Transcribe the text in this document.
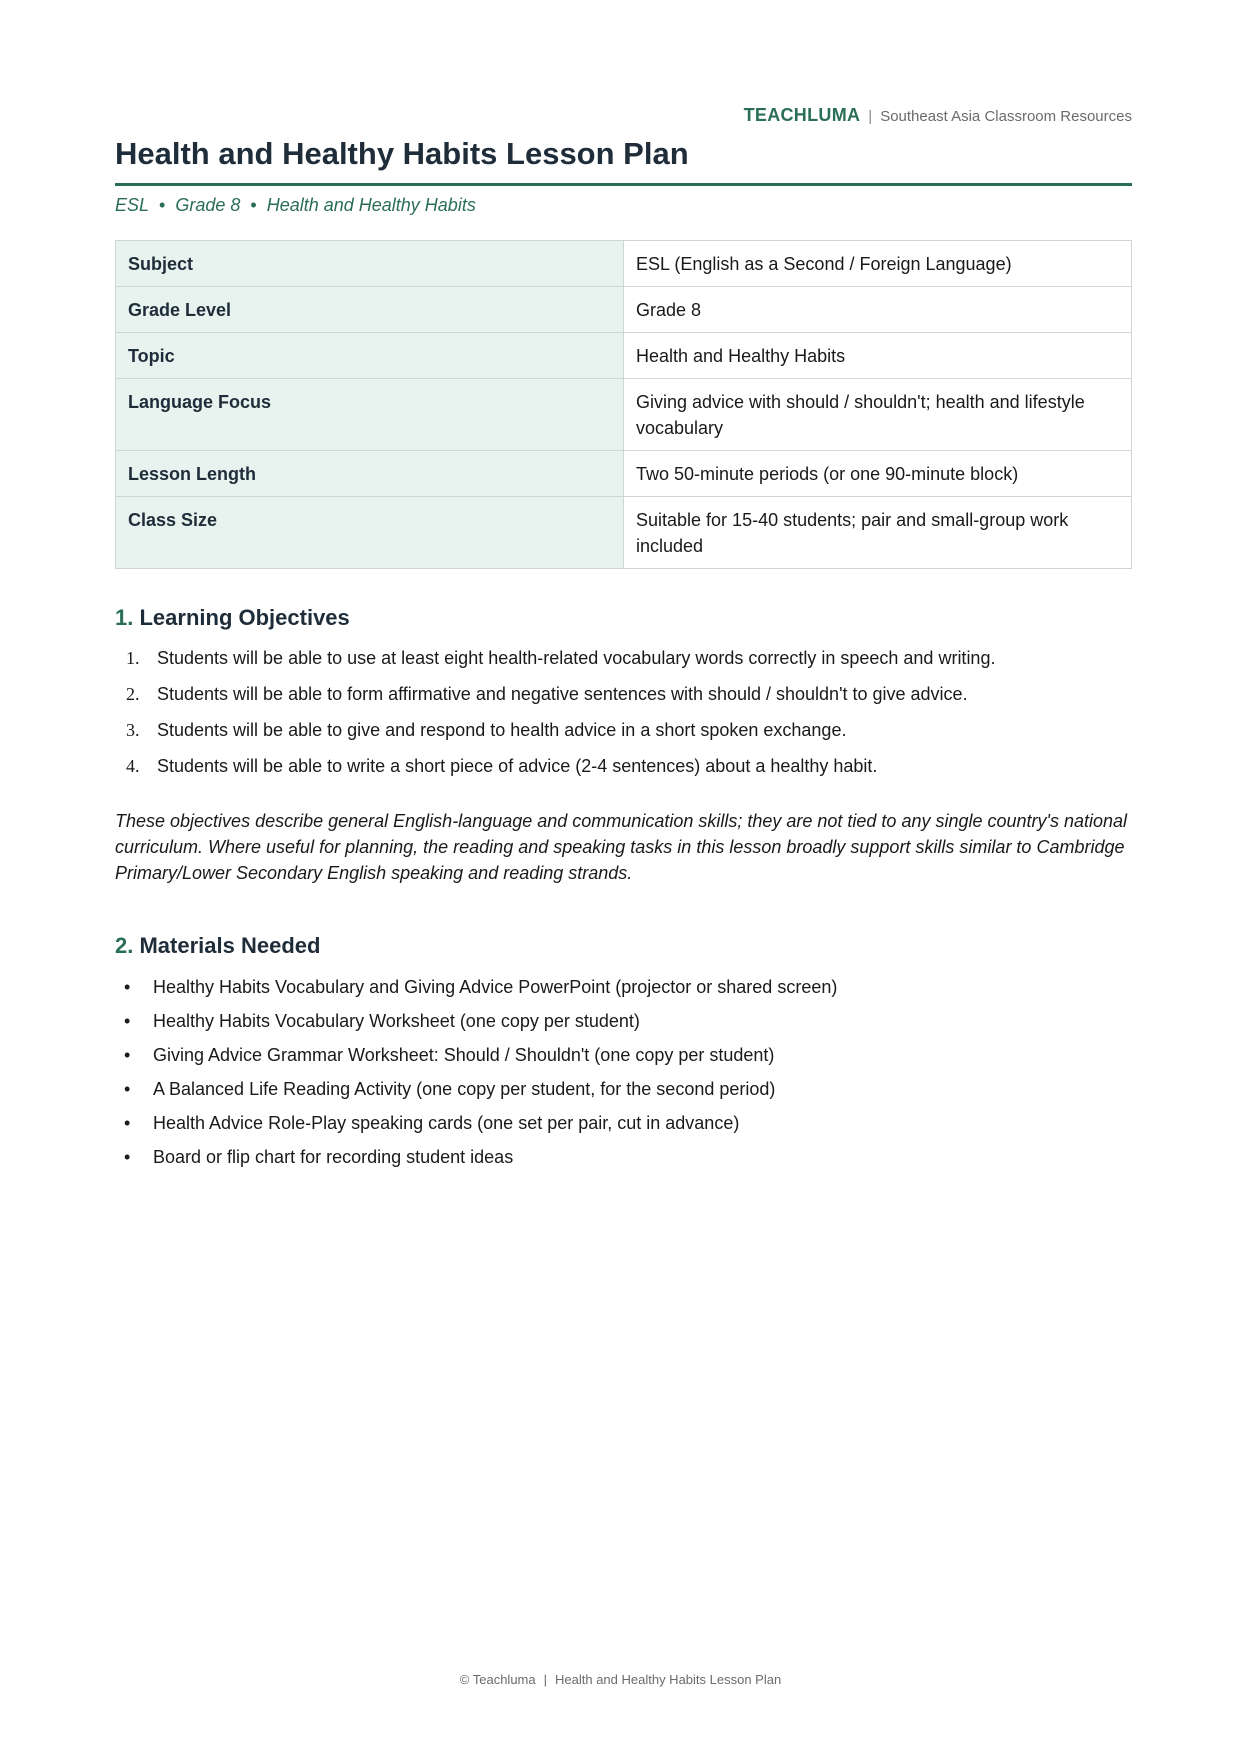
TEACHLUMA | Southeast Asia Classroom Resources
Health and Healthy Habits Lesson Plan
ESL • Grade 8 • Health and Healthy Habits
Subject	ESL (English as a Second / Foreign Language)
Grade Level	Grade 8
Topic	Health and Healthy Habits
Language Focus	Giving advice with should / shouldn't; health and lifestyle vocabulary
Lesson Length	Two 50-minute periods (or one 90-minute block)
Class Size	Suitable for 15-40 students; pair and small-group work included
1. Learning Objectives
1. Students will be able to use at least eight health-related vocabulary words correctly in speech and writing.
2. Students will be able to form affirmative and negative sentences with should / shouldn't to give advice.
3. Students will be able to give and respond to health advice in a short spoken exchange.
4. Students will be able to write a short piece of advice (2-4 sentences) about a healthy habit.

These objectives describe general English-language and communication skills; they are not tied to any single country's national curriculum. Where useful for planning, the reading and speaking tasks in this lesson broadly support skills similar to Cambridge Primary/Lower Secondary English speaking and reading strands.

2. Materials Needed
• Healthy Habits Vocabulary and Giving Advice PowerPoint (projector or shared screen)
• Healthy Habits Vocabulary Worksheet (one copy per student)
• Giving Advice Grammar Worksheet: Should / Shouldn't (one copy per student)
• A Balanced Life Reading Activity (one copy per student, for the second period)
• Health Advice Role-Play speaking cards (one set per pair, cut in advance)
• Board or flip chart for recording student ideas
© Teachluma | Health and Healthy Habits Lesson Plan
